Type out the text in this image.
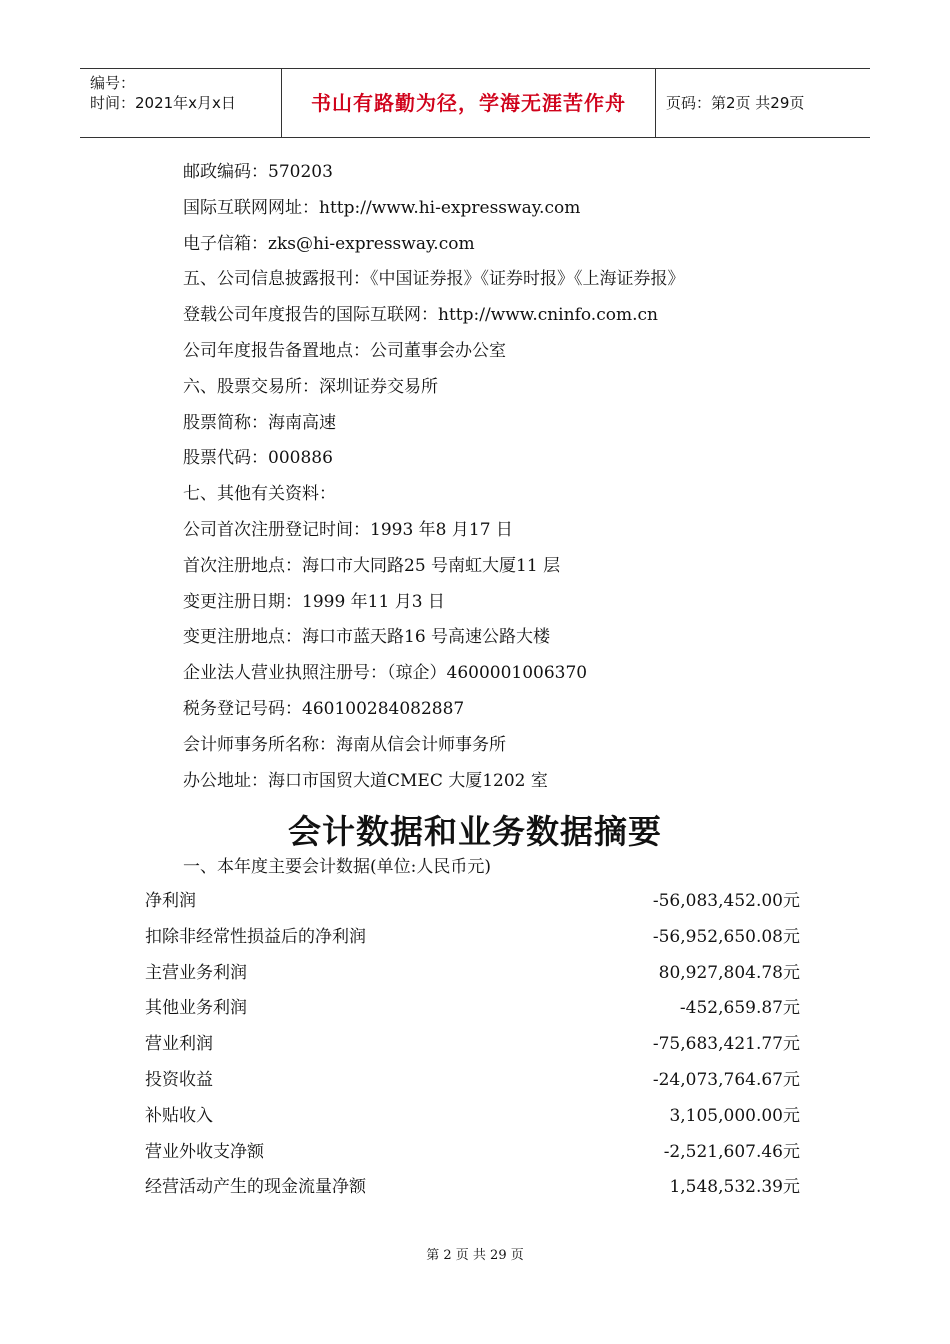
编号：
时间：2021年x月x日	书山有路勤为径，学海无涯苦作舟	页码：第2页 共29页
邮政编码：570203
国际互联网网址：http://www.hi-expressway.com
电子信箱：zks@hi-expressway.com
五、公司信息披露报刊：《中国证券报》《证券时报》《上海证券报》
登载公司年度报告的国际互联网：http://www.cninfo.com.cn
公司年度报告备置地点：公司董事会办公室
六、股票交易所：深圳证券交易所
股票简称：海南高速
股票代码：000886
七、其他有关资料：
公司首次注册登记时间：1993 年8 月17 日
首次注册地点：海口市大同路25 号南虹大厦11 层
变更注册日期：1999 年11 月3 日
变更注册地点：海口市蓝天路16 号高速公路大楼
企业法人营业执照注册号：（琼企）4600001006370
税务登记号码：460100284082887
会计师事务所名称：海南从信会计师事务所
办公地址：海口市国贸大道CMEC 大厦1202 室
会计数据和业务数据摘要
一、本年度主要会计数据(单位:人民币元)
净利润	-56,083,452.00元
扣除非经常性损益后的净利润	-56,952,650.08元
主营业务利润	80,927,804.78元
其他业务利润	-452,659.87元
营业利润	-75,683,421.77元
投资收益	-24,073,764.67元
补贴收入	3,105,000.00元
营业外收支净额	-2,521,607.46元
经营活动产生的现金流量净额	1,548,532.39元
第 2 页 共 29 页
